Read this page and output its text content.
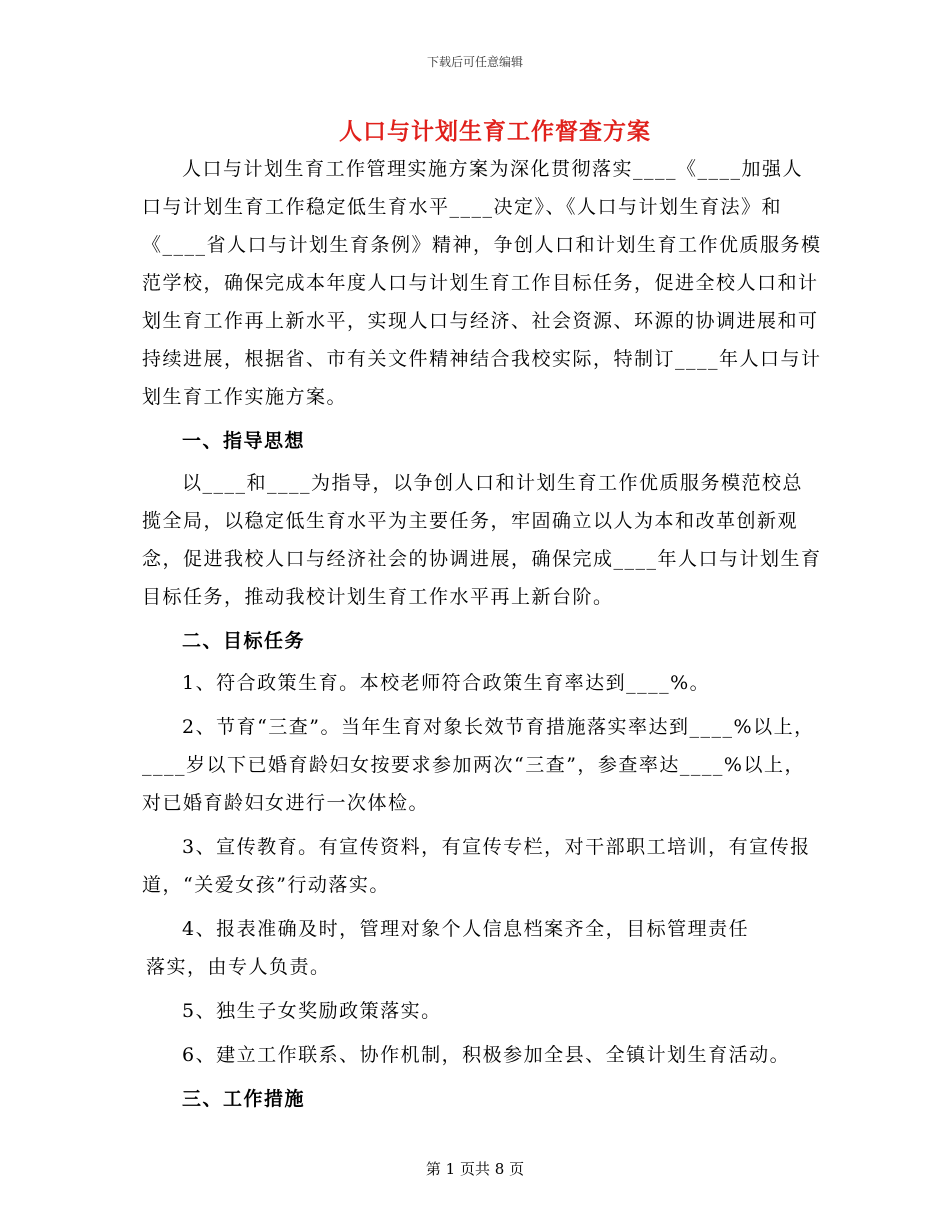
下载后可任意编辑
人口与计划生育工作督查方案

人口与计划生育工作管理实施方案为深化贯彻落实____《____加强人口与计划生育工作稳定低生育水平____决定》、《人口与计划生育法》和《____省人口与计划生育条例》精神，争创人口和计划生育工作优质服务模范学校，确保完成本年度人口与计划生育工作目标任务，促进全校人口和计划生育工作再上新水平，实现人口与经济、社会资源、环源的协调进展和可持续进展，根据省、市有关文件精神结合我校实际，特制订____年人口与计划生育工作实施方案。

一、指导思想

以____和____为指导，以争创人口和计划生育工作优质服务模范校总揽全局，以稳定低生育水平为主要任务，牢固确立以人为本和改革创新观念，促进我校人口与经济社会的协调进展，确保完成____年人口与计划生育目标任务，推动我校计划生育工作水平再上新台阶。

二、目标任务

1、符合政策生育。本校老师符合政策生育率达到____%。

2、节育“三查”。当年生育对象长效节育措施落实率达到____%以上，____岁以下已婚育龄妇女按要求参加两次“三查”，参查率达____%以上，对已婚育龄妇女进行一次体检。

3、宣传教育。有宣传资料，有宣传专栏，对干部职工培训，有宣传报道，“关爱女孩”行动落实。

4、报表准确及时，管理对象个人信息档案齐全，目标管理责任

落实，由专人负责。

5、独生子女奖励政策落实。

6、建立工作联系、协作机制，积极参加全县、全镇计划生育活动。

三、工作措施

第 1 页共 8 页
